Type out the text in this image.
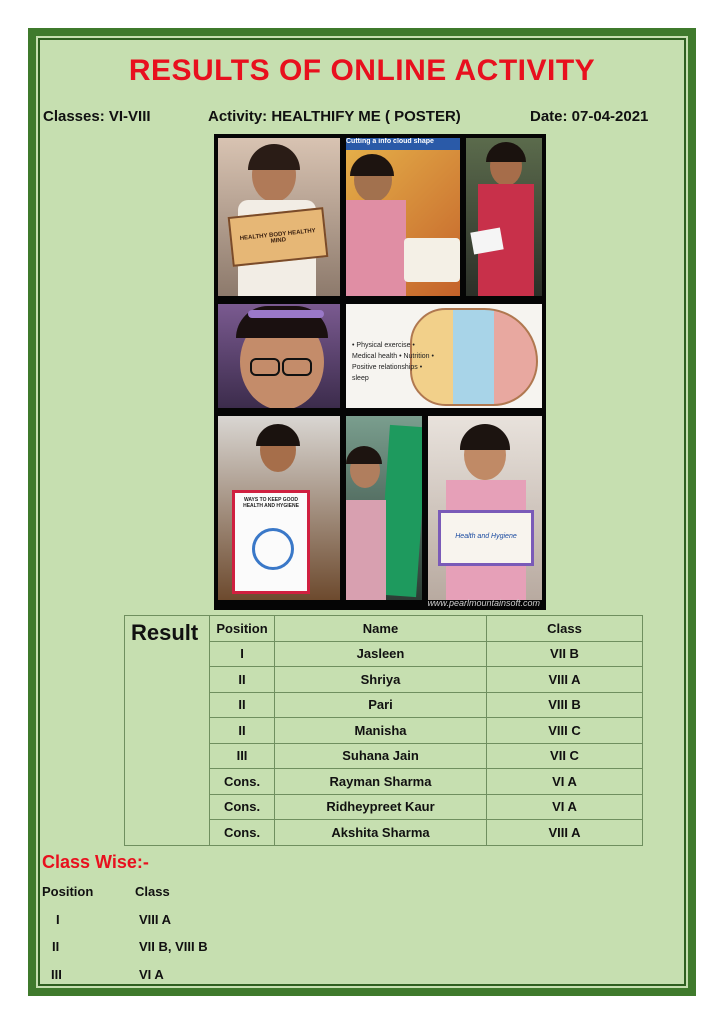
RESULTS OF ONLINE ACTIVITY
Classes: VI-VIII	Activity: HEALTHIFY ME ( POSTER)	Date: 07-04-2021
HEALTHY BODY HEALTHY MIND
Cutting a info cloud shape
• Physical exercise • Medical health • Nutrition • Positive relationships • sleep
WAYS TO KEEP GOOD HEALTH AND HYGIENE
Health and Hygiene
www.pearlmountainsoft.com
Result	Position	Name	Class
	I	Jasleen	VII B
	II	Shriya	VIII A
	II	Pari	VIII B
	II	Manisha	VIII C
	III	Suhana Jain	VII C
	Cons.	Rayman Sharma	VI A
	Cons.	Ridheypreet Kaur	VI A
	Cons.	Akshita Sharma	VIII A
Class Wise:-
Position	Class
I	VIII A
II	VII B, VIII B
III	VI A
